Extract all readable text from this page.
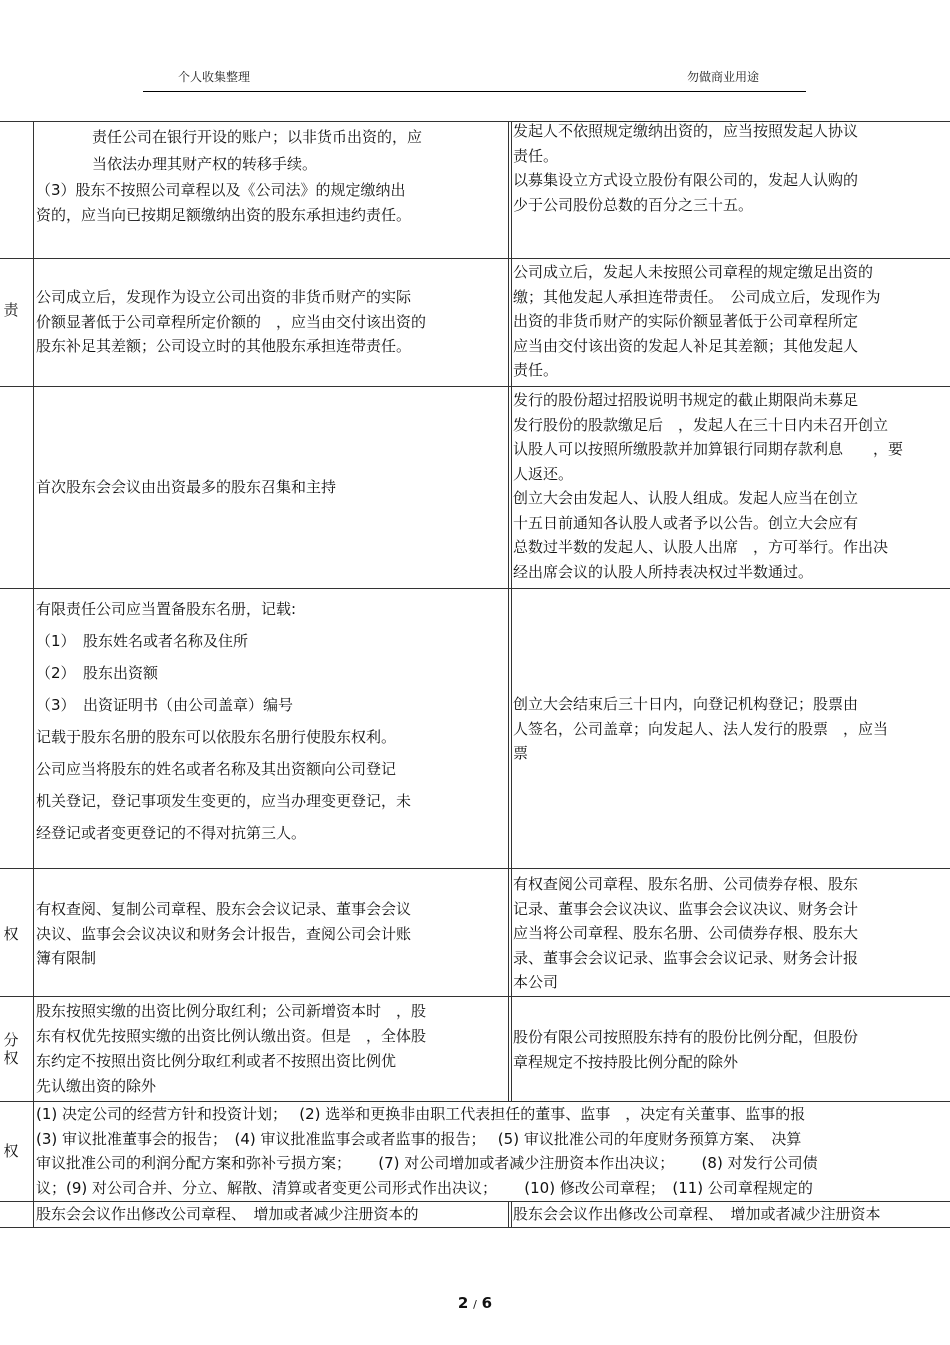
个人收集整理	勿做商业用途

责任公司在银行开设的账户；以非货币出资的，应

当依法办理其财产权的转移手续。

（3）股东不按照公司章程以及《公司法》的规定缴纳出

资的，应当向已按期足额缴纳出资的股东承担违约责任。

发起人不依照规定缴纳出资的，应当按照发起人协议

责任。

以募集设立方式设立股份有限公司的，发起人认购的

少于公司股份总数的百分之三十五。

责

公司成立后，发现作为设立公司出资的非货币财产的实际

价额显著低于公司章程所定价额的　，应当由交付该出资的

股东补足其差额；公司设立时的其他股东承担连带责任。

公司成立后，发起人未按照公司章程的规定缴足出资的

缴；其他发起人承担连带责任。　公司成立后，发现作为

出资的非货币财产的实际价额显著低于公司章程所定

应当由交付该出资的发起人补足其差额；其他发起人

责任。

首次股东会会议由出资最多的股东召集和主持

发行的股份超过招股说明书规定的截止期限尚未募足

发行股份的股款缴足后　，发起人在三十日内未召开创立

认股人可以按照所缴股款并加算银行同期存款利息　　，要

人返还。

创立大会由发起人、认股人组成。发起人应当在创立

十五日前通知各认股人或者予以公告。创立大会应有

总数过半数的发起人、认股人出席　，方可举行。作出决

经出席会议的认股人所持表决权过半数通过。

有限责任公司应当置备股东名册，记载:

（1）　股东姓名或者名称及住所

（2）　股东出资额

（3）　出资证明书（由公司盖章）编号

记载于股东名册的股东可以依股东名册行使股东权利。

公司应当将股东的姓名或者名称及其出资额向公司登记

机关登记，登记事项发生变更的，应当办理变更登记，未

经登记或者变更登记的不得对抗第三人。

创立大会结束后三十日内，向登记机构登记；股票由

人签名，公司盖章；向发起人、法人发行的股票　，应当

票

权

有权查阅、复制公司章程、股东会会议记录、董事会会议

决议、监事会会议决议和财务会计报告，查阅公司会计账

簿有限制

有权查阅公司章程、股东名册、公司债券存根、股东

记录、董事会会议决议、监事会会议决议、财务会计

应当将公司章程、股东名册、公司债券存根、股东大

录、董事会会议记录、监事会会议记录、财务会计报

本公司

分
权

股东按照实缴的出资比例分取红利；公司新增资本时　，股

东有权优先按照实缴的出资比例认缴出资。但是　，全体股

东约定不按照出资比例分取红利或者不按照出资比例优

先认缴出资的除外

股份有限公司按照股东持有的股份比例分配，但股份

章程规定不按持股比例分配的除外

权

(1) 决定公司的经营方针和投资计划；　 (2) 选举和更换非由职工代表担任的董事、监事　，决定有关董事、监事的报

(3) 审议批准董事会的报告；　(4) 审议批准监事会或者监事的报告；　 (5) 审议批准公司的年度财务预算方案、　决算

审议批准公司的利润分配方案和弥补亏损方案；　　 (7) 对公司增加或者减少注册资本作出决议；　　 (8) 对发行公司债

议；(9) 对公司合并、分立、解散、清算或者变更公司形式作出决议；　　 (10) 修改公司章程；　(11) 公司章程规定的

股东会会议作出修改公司章程、　增加或者减少注册资本的	股东会会议作出修改公司章程、　增加或者减少注册资本

2 / 6
